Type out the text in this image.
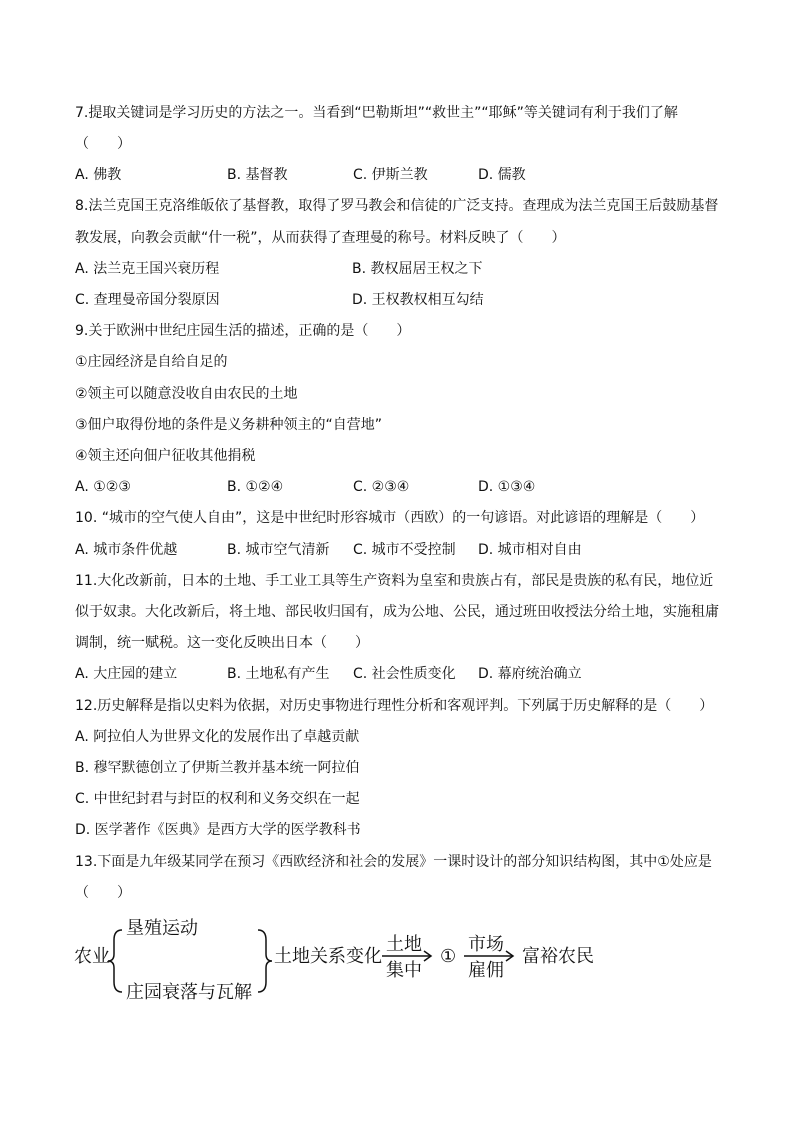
7.提取关键词是学习历史的方法之一。当看到“巴勒斯坦”“救世主”“耶稣”等关键词有利于我们了解
（　　）
A. 佛教	B. 基督教	C. 伊斯兰教	D. 儒教
8.法兰克国王克洛维皈依了基督教，取得了罗马教会和信徒的广泛支持。查理成为法兰克国王后鼓励基督
教发展，向教会贡献“什一税”，从而获得了查理曼的称号。材料反映了（　　）
A. 法兰克王国兴衰历程	B. 教权屈居王权之下
C. 查理曼帝国分裂原因	D. 王权教权相互勾结
9.关于欧洲中世纪庄园生活的描述，正确的是（　　）
①庄园经济是自给自足的
②领主可以随意没收自由农民的土地
③佃户取得份地的条件是义务耕种领主的“自营地”
④领主还向佃户征收其他捐税
A. ①②③	B. ①②④	C. ②③④	D. ①③④
10. “城市的空气使人自由”，这是中世纪时形容城市（西欧）的一句谚语。对此谚语的理解是（　　）
A. 城市条件优越	B. 城市空气清新 C. 城市不受控制 D. 城市相对自由
11.大化改新前，日本的土地、手工业工具等生产资料为皇室和贵族占有，部民是贵族的私有民，地位近
似于奴隶。大化改新后，将土地、部民收归国有，成为公地、公民，通过班田收授法分给土地，实施租庸
调制，统一赋税。这一变化反映出日本（　　）
A. 大庄园的建立	B. 土地私有产生 C. 社会性质变化 D. 幕府统治确立
12.历史解释是指以史料为依据，对历史事物进行理性分析和客观评判。下列属于历史解释的是（　　）
A. 阿拉伯人为世界文化的发展作出了卓越贡献
B. 穆罕默德创立了伊斯兰教并基本统一阿拉伯
C. 中世纪封君与封臣的权利和义务交织在一起
D. 医学著作《医典》是西方大学的医学教科书
13.下面是九年级某同学在预习《西欧经济和社会的发展》一课时设计的部分知识结构图，其中①处应是
（　　）
农业
垦殖运动
庄园衰落与瓦解
土地关系变化
土地
集中
①
市场
雇佣
富裕农民
